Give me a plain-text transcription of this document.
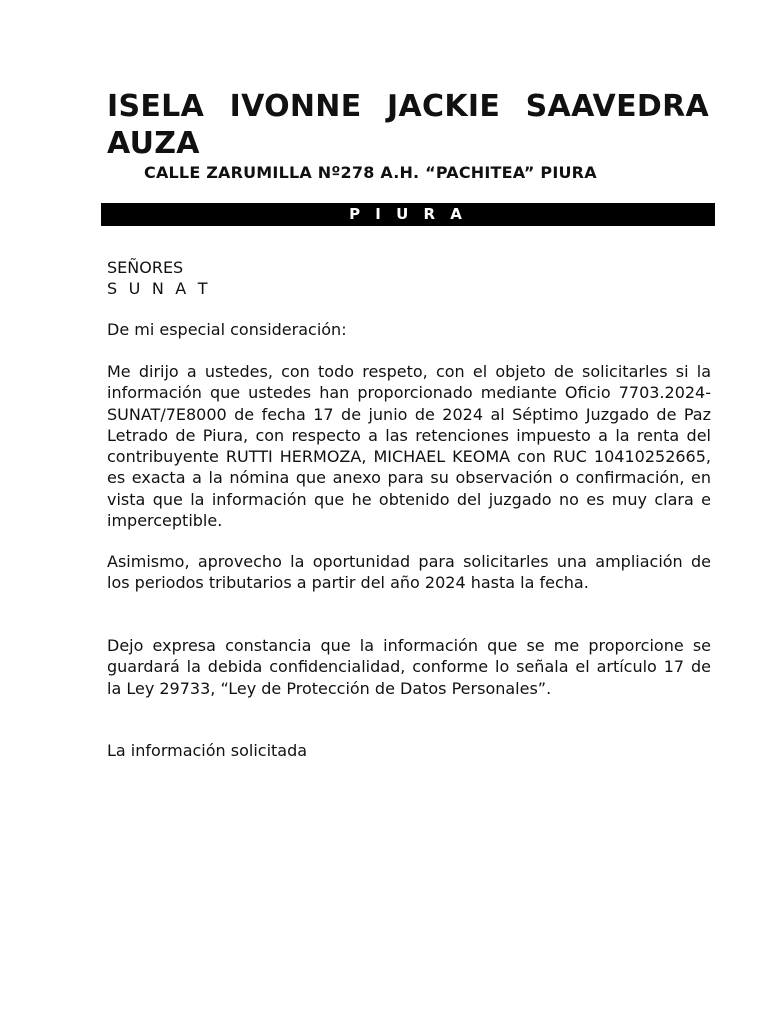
ISELA IVONNE JACKIE SAAVEDRA AUZA
CALLE ZARUMILLA Nº278 A.H. “PACHITEA” PIURA
P I U R A
SEÑORES
S U N A T

De mi especial consideración:

Me dirijo a ustedes, con todo respeto, con el objeto de solicitarles si la información que ustedes han proporcionado mediante Oficio 7703.2024-SUNAT/7E8000 de fecha 17 de junio de 2024 al Séptimo Juzgado de Paz Letrado de Piura, con respecto a las retenciones impuesto a la renta del contribuyente RUTTI HERMOZA, MICHAEL KEOMA con RUC 10410252665, es exacta a la nómina que anexo para su observación o confirmación, en vista que la información que he obtenido del juzgado no es muy clara e imperceptible.

Asimismo, aprovecho la oportunidad para solicitarles una ampliación de los periodos tributarios a partir del año 2024 hasta la fecha.

Dejo expresa constancia que la información que se me proporcione se guardará la debida confidencialidad, conforme lo señala el artículo 17 de la Ley 29733, “Ley de Protección de Datos Personales”.

La información solicitada
